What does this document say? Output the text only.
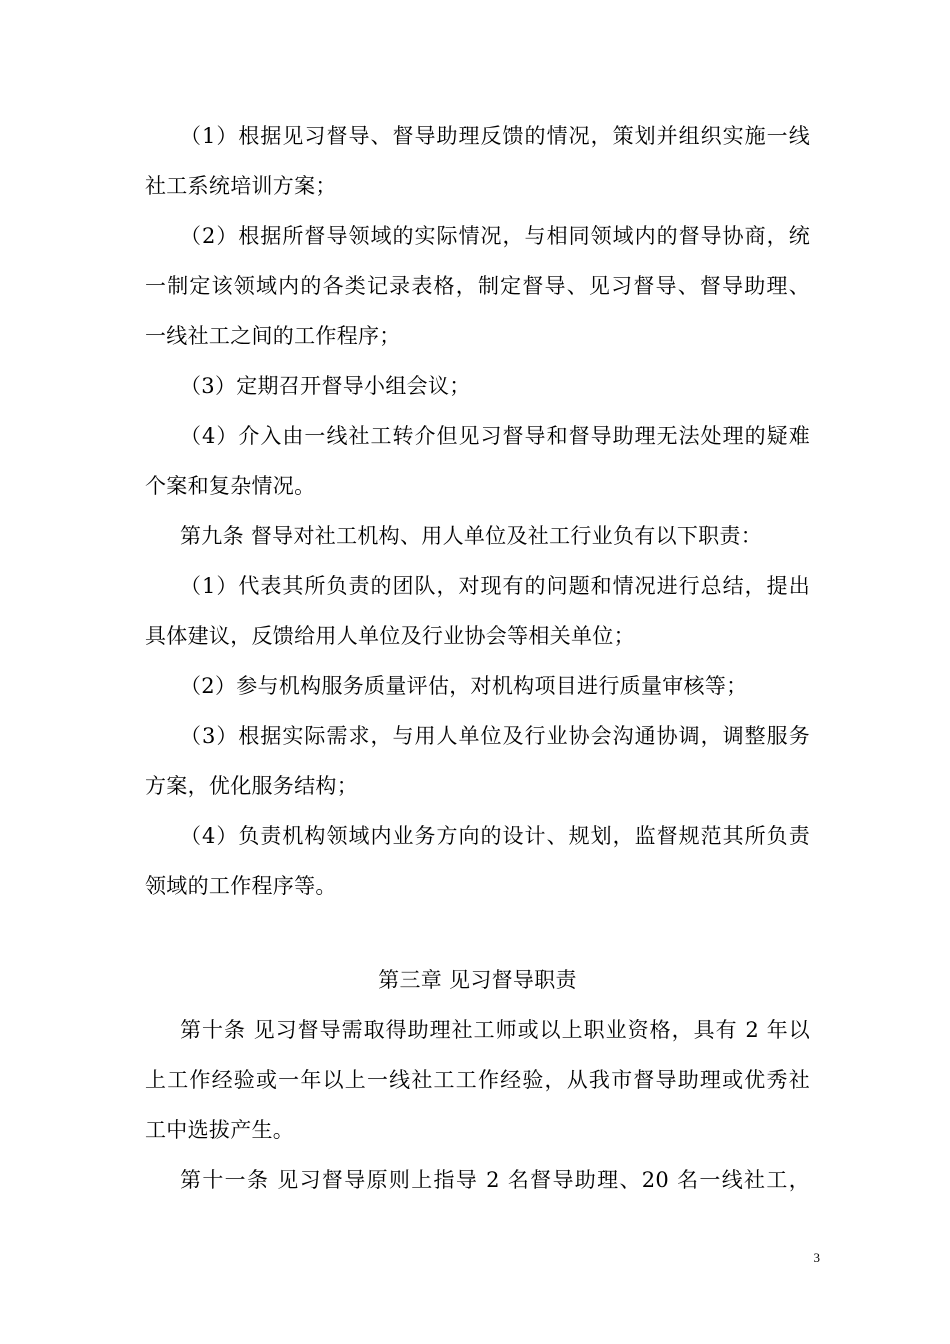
（1）根据见习督导、督导助理反馈的情况，策划并组织实施一线
社工系统培训方案；
（2）根据所督导领域的实际情况，与相同领域内的督导协商，统
一制定该领域内的各类记录表格，制定督导、见习督导、督导助理、
一线社工之间的工作程序；
（3）定期召开督导小组会议；
（4）介入由一线社工转介但见习督导和督导助理无法处理的疑难
个案和复杂情况。
第九条 督导对社工机构、用人单位及社工行业负有以下职责：
（1）代表其所负责的团队，对现有的问题和情况进行总结，提出
具体建议，反馈给用人单位及行业协会等相关单位；
（2）参与机构服务质量评估，对机构项目进行质量审核等；
（3）根据实际需求，与用人单位及行业协会沟通协调，调整服务
方案，优化服务结构；
（4）负责机构领域内业务方向的设计、规划，监督规范其所负责
领域的工作程序等。
第三章 见习督导职责
第十条 见习督导需取得助理社工师或以上职业资格，具有 2 年以
上工作经验或一年以上一线社工工作经验，从我市督导助理或优秀社
工中选拔产生。
第十一条 见习督导原则上指导 2 名督导助理、20 名一线社工，
3
